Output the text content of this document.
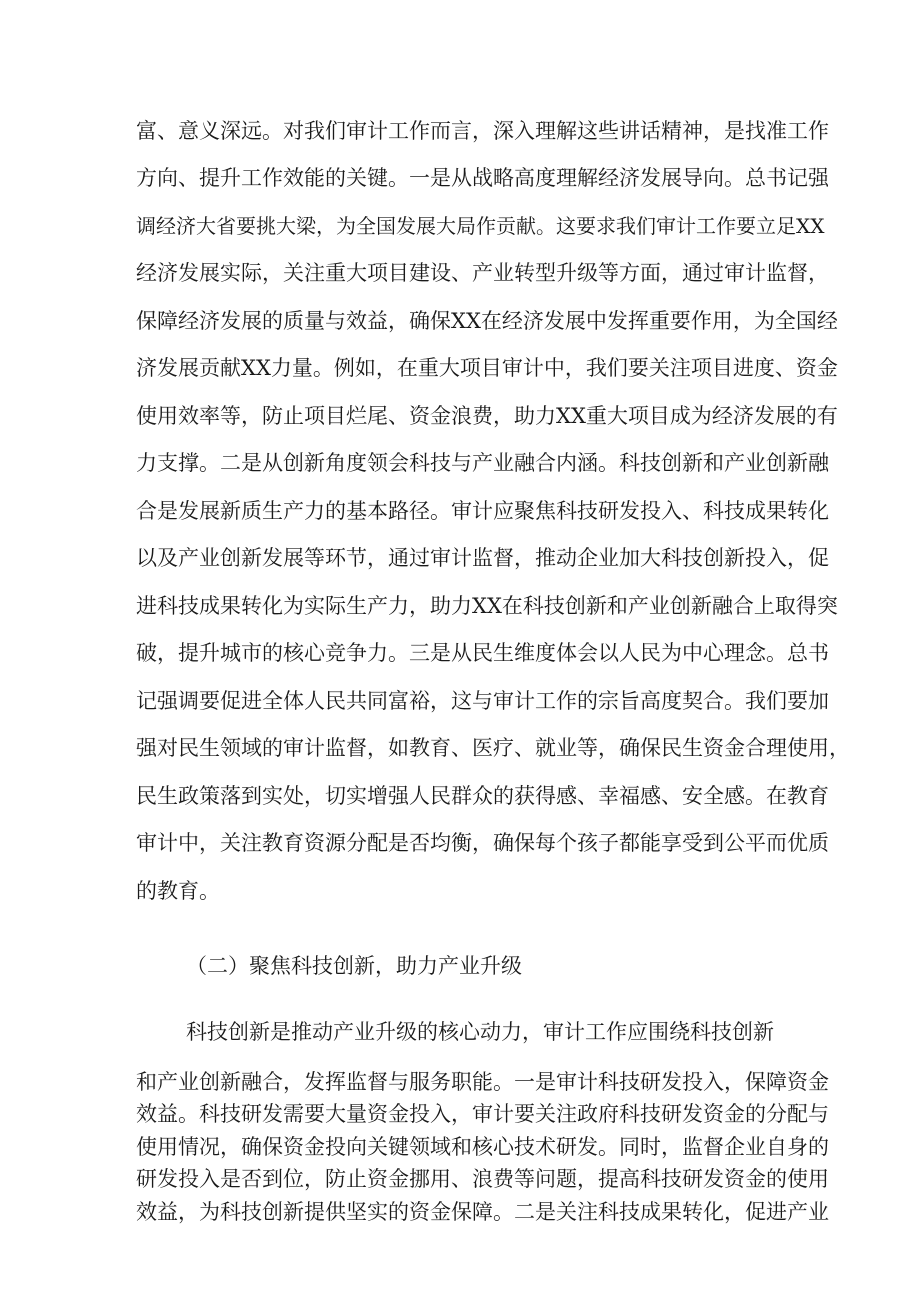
富、意义深远。对我们审计工作而言，深入理解这些讲话精神，是找准工作
方向、提升工作效能的关键。一是从战略高度理解经济发展导向。总书记强
调经济大省要挑大梁，为全国发展大局作贡献。这要求我们审计工作要立足XX
经济发展实际，关注重大项目建设、产业转型升级等方面，通过审计监督，
保障经济发展的质量与效益，确保XX在经济发展中发挥重要作用，为全国经
济发展贡献XX力量。例如，在重大项目审计中，我们要关注项目进度、资金
使用效率等，防止项目烂尾、资金浪费，助力XX重大项目成为经济发展的有
力支撑。二是从创新角度领会科技与产业融合内涵。科技创新和产业创新融
合是发展新质生产力的基本路径。审计应聚焦科技研发投入、科技成果转化
以及产业创新发展等环节，通过审计监督，推动企业加大科技创新投入，促
进科技成果转化为实际生产力，助力XX在科技创新和产业创新融合上取得突
破，提升城市的核心竞争力。三是从民生维度体会以人民为中心理念。总书
记强调要促进全体人民共同富裕，这与审计工作的宗旨高度契合。我们要加
强对民生领域的审计监督，如教育、医疗、就业等，确保民生资金合理使用，
民生政策落到实处，切实增强人民群众的获得感、幸福感、安全感。在教育
审计中，关注教育资源分配是否均衡，确保每个孩子都能享受到公平而优质
的教育。
（二）聚焦科技创新，助力产业升级
科技创新是推动产业升级的核心动力，审计工作应围绕科技创新
和产业创新融合，发挥监督与服务职能。一是审计科技研发投入，保障资金
效益。科技研发需要大量资金投入，审计要关注政府科技研发资金的分配与
使用情况，确保资金投向关键领域和核心技术研发。同时，监督企业自身的
研发投入是否到位，防止资金挪用、浪费等问题，提高科技研发资金的使用
效益，为科技创新提供坚实的资金保障。二是关注科技成果转化，促进产业
